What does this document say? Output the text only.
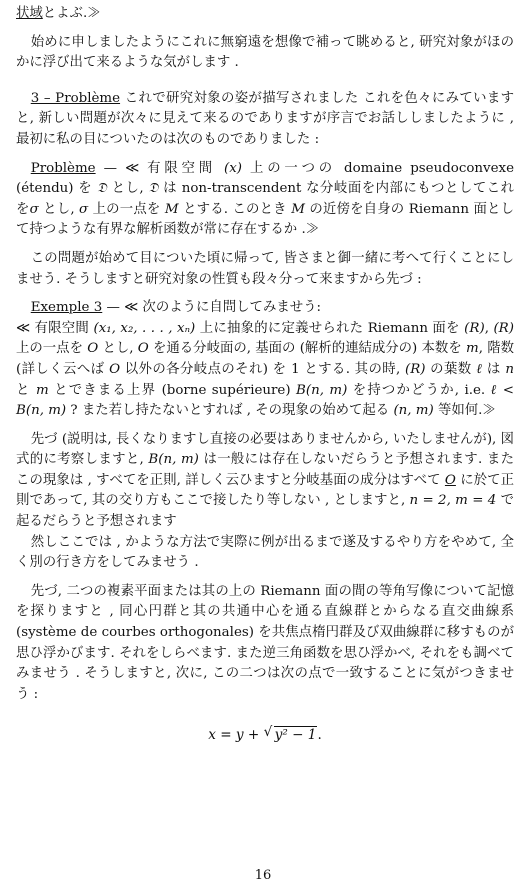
状域とよぶ.≫

始めに申しましたようにこれに無窮遠を想像で補って眺めると, 研究対象がほのかに浮び出て来るような気がします .

3 – Problème これで研究対象の姿が描写されました これを色々にみていますと, 新しい問題が次々に見えて来るのでありますが序言でお話ししましたように , 最初に私の目についたのは次のものでありました :

Problème — ≪ 有限空間 (x) 上の一つの domaine pseudoconvexe (étendu) を 𝔇 とし, 𝔇 は non-transcendent な分岐面を内部にもつとしてこれをσ とし, σ 上の一点を M とする. このとき M の近傍を自身の Riemann 面として持つような有界な解析函数が常に存在するか .≫

この問題が始めて目についた頃に帰って, 皆さまと御一緒に考へて行くことにしませう. そうしますと研究対象の性質も段々分って来ますから先づ :

Exemple 3 — ≪ 次のように自問してみませう:
≪ 有限空間 (x₁, x₂, . . . , xₙ) 上に抽象的に定義せられた Riemann 面を (R), (R) 上の一点を O とし, O を通る分岐面の, 基面の (解析的連結成分の) 本数を m, 階数 (詳しく云へば O 以外の各分岐点のそれ) を 1 とする. 其の時, (R) の葉数 ℓ は n と m とできまる上界 (borne supérieure) B(n, m) を持つかどうか, i.e. ℓ < B(n, m) ? また若し持たないとすれば , その現象の始めて起る (n, m) 等如何.≫

先づ (説明は, 長くなりますし直接の必要はありませんから, いたしませんが), 図式的に考察しますと, B(n, m) は一般には存在しないだらうと予想されます. またこの現象は , すべてを正則, 詳しく云ひますと分岐基面の成分はすべて O に於て正則であって, 其の交り方もここで接したり等しない , としますと, n = 2, m = 4 で起るだらうと予想されます

然しここでは , かような方法で実際に例が出るまで遂及するやり方をやめて, 全く別の行き方をしてみませう .

先づ, 二つの複素平面または其の上の Riemann 面の間の等角写像について記憶を探りますと , 同心円群と其の共通中心を通る直線群とからなる直交曲線系 (système de courbes orthogonales) を共焦点楕円群及び双曲線群に移すものが思ひ浮かびます. それをしらべます. また逆三角函数を思ひ浮かべ, それをも調べてみませう . そうしますと, 次に, この二つは次の点で一致することに気がつきませう :

x = y + √ y² − 1.
16
